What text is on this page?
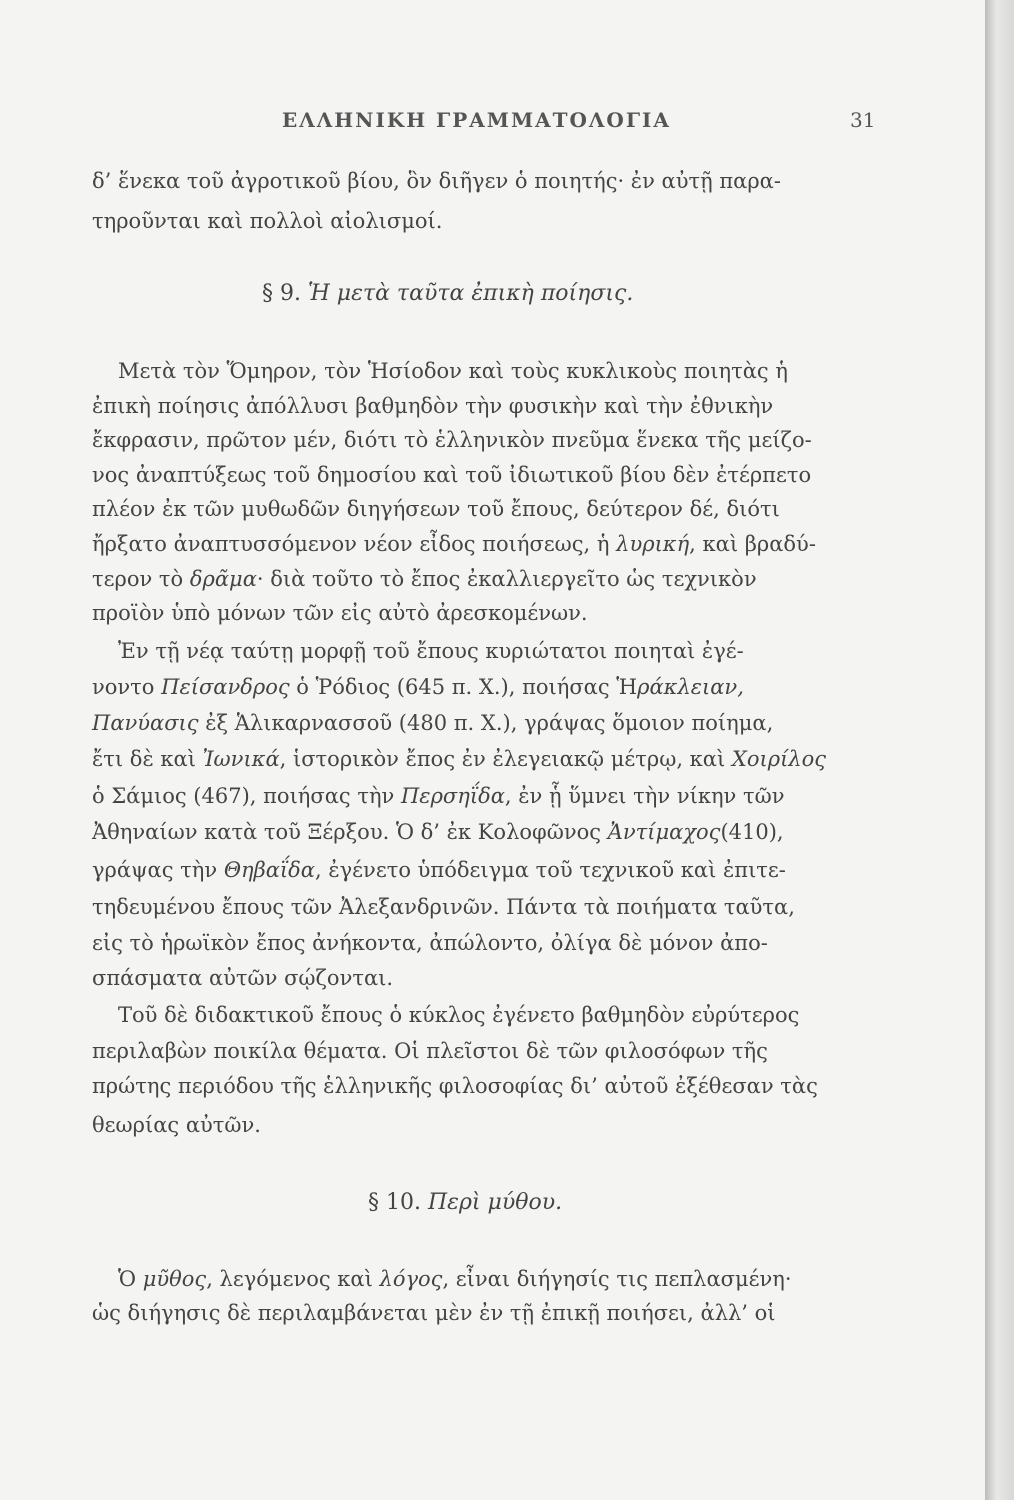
ΕΛΛΗΝΙΚΗ ΓΡΑΜΜΑΤΟΛΟΓΙΑ	31
δ’ ἕνεκα τοῦ ἀγροτικοῦ βίου, ὃν διῆγεν ὁ ποιητής· ἐν αὐτῇ παρα-
τηροῦνται καὶ πολλοὶ αἰολισμοί.
§ 9. Ἡ μετὰ ταῦτα ἐπικὴ ποίησις.
Μετὰ τὸν Ὅμηρον, τὸν Ἡσίοδον καὶ τοὺς κυκλικοὺς ποιητὰς ἡ
ἐπικὴ ποίησις ἀπόλλυσι βαθμηδὸν τὴν φυσικὴν καὶ τὴν ἐθνικὴν
ἔκφρασιν, πρῶτον μέν, διότι τὸ ἑλληνικὸν πνεῦμα ἕνεκα τῆς μείζο-
νος ἀναπτύξεως τοῦ δημοσίου καὶ τοῦ ἰδιωτικοῦ βίου δὲν ἐτέρπετο
πλέον ἐκ τῶν μυθωδῶν διηγήσεων τοῦ ἔπους, δεύτερον δέ, διότι
ἤρξατο ἀναπτυσσόμενον νέον εἶδος ποιήσεως, ἡ λυρική, καὶ βραδύ-
τερον τὸ δρᾶμα· διὰ τοῦτο τὸ ἔπος ἐκαλλιεργεῖτο ὡς τεχνικὸν
προϊὸν ὑπὸ μόνων τῶν εἰς αὐτὸ ἀρεσκομένων.
Ἐν τῇ νέᾳ ταύτῃ μορφῇ τοῦ ἔπους κυριώτατοι ποιηταὶ ἐγέ-
νοντο Πείσανδρος ὁ Ῥόδιος (645 π. Χ.), ποιήσας Ἡράκλειαν,
Πανύασις ἐξ Ἁλικαρνασσοῦ (480 π. Χ.), γράψας ὅμοιον ποίημα,
ἔτι δὲ καὶ Ἰωνικά, ἱστορικὸν ἔπος ἐν ἐλεγειακῷ μέτρῳ, καὶ Χοιρίλος
ὁ Σάμιος (467), ποιήσας τὴν Περσηΐδα, ἐν ᾗ ὕμνει τὴν νίκην τῶν
Ἀθηναίων κατὰ τοῦ Ξέρξου. Ὁ δ’ ἐκ Κολοφῶνος Ἀντίμαχος(410),
γράψας τὴν Θηβαΐδα, ἐγένετο ὑπόδειγμα τοῦ τεχνικοῦ καὶ ἐπιτε-
τηδευμένου ἔπους τῶν Ἀλεξανδρινῶν. Πάντα τὰ ποιήματα ταῦτα,
εἰς τὸ ἡρωϊκὸν ἔπος ἀνήκοντα, ἀπώλοντο, ὀλίγα δὲ μόνον ἀπο-
σπάσματα αὐτῶν σῴζονται.
Τοῦ δὲ διδακτικοῦ ἔπους ὁ κύκλος ἐγένετο βαθμηδὸν εὐρύτερος
περιλαβὼν ποικίλα θέματα. Οἱ πλεῖστοι δὲ τῶν φιλοσόφων τῆς
πρώτης περιόδου τῆς ἑλληνικῆς φιλοσοφίας δι’ αὐτοῦ ἐξέθεσαν τὰς
θεωρίας αὐτῶν.
§ 10. Περὶ μύθου.
Ὁ μῦθος, λεγόμενος καὶ λόγος, εἶναι διήγησίς τις πεπλασμένη·
ὡς διήγησις δὲ περιλαμβάνεται μὲν ἐν τῇ ἐπικῇ ποιήσει, ἀλλ’ οἱ
